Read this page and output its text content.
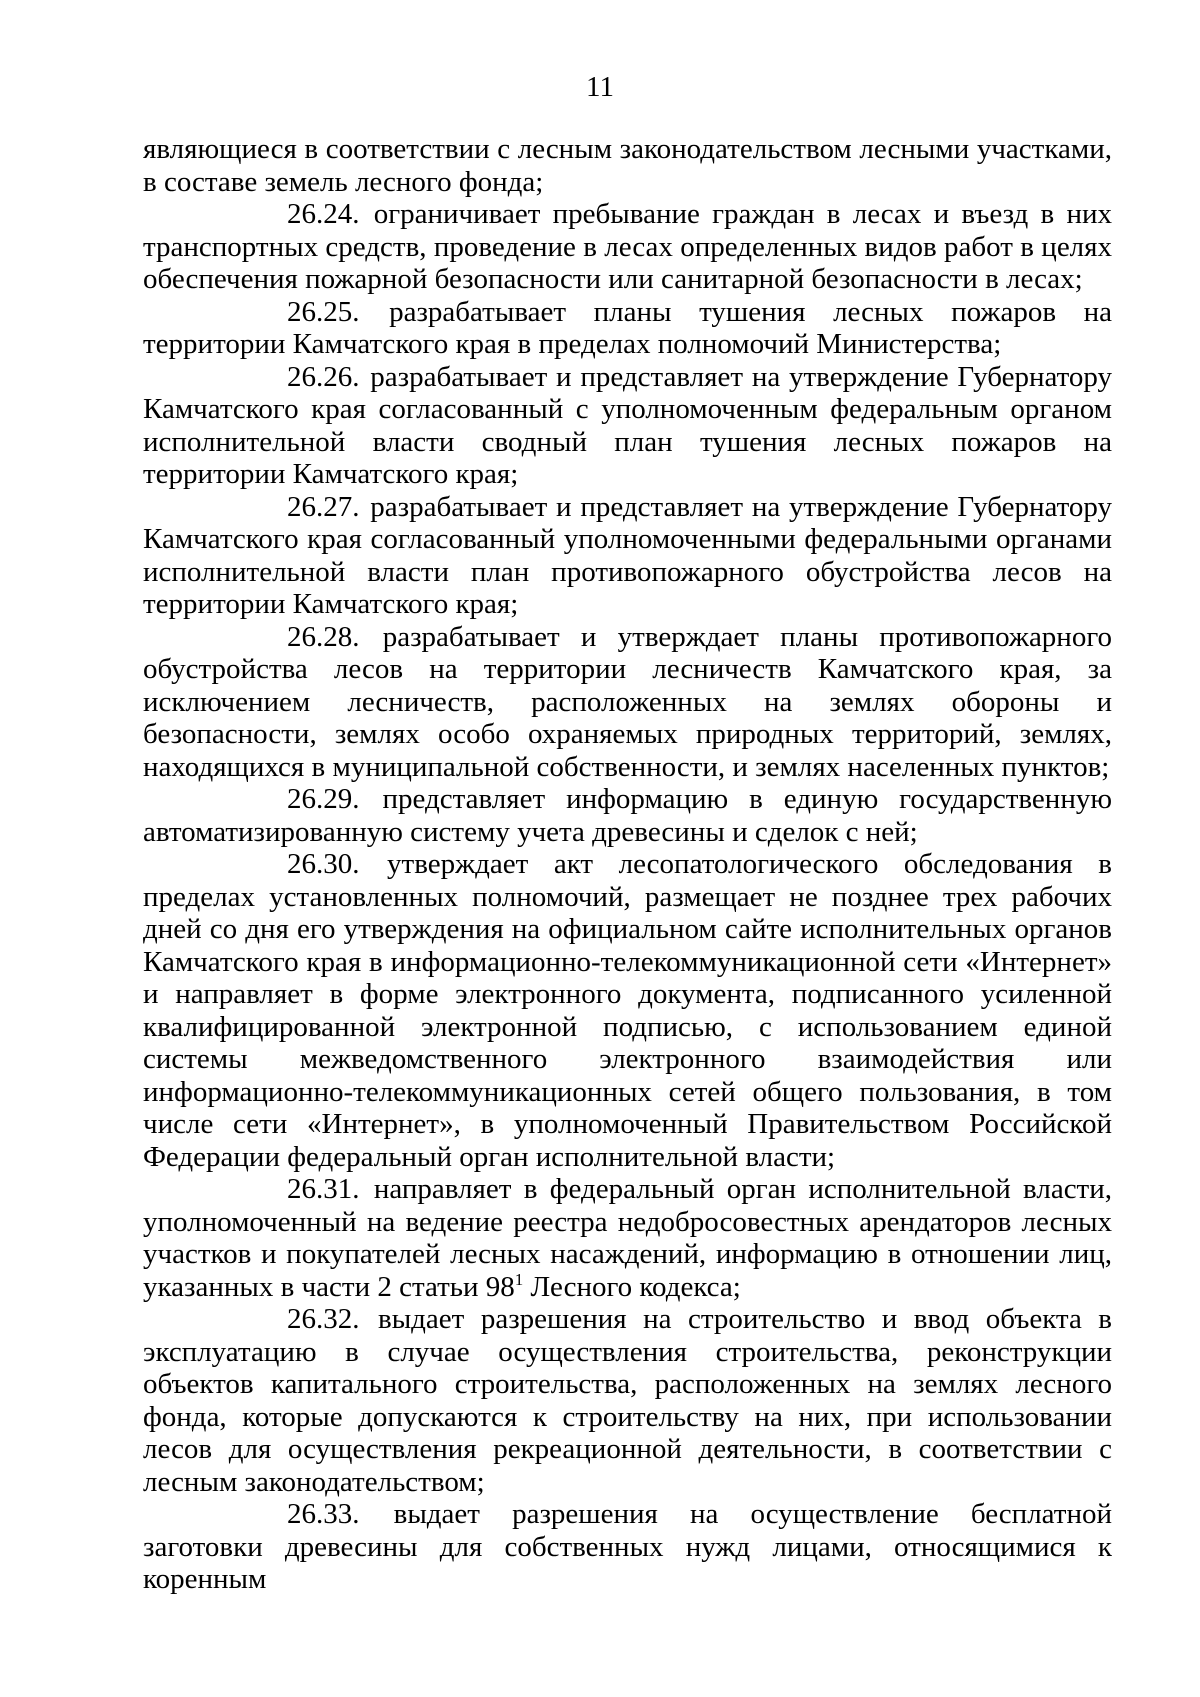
11

являющиеся в соответствии с лесным законодательством лесными участками, в составе земель лесного фонда;

26.24. ограничивает пребывание граждан в лесах и въезд в них транспортных средств, проведение в лесах определенных видов работ в целях обеспечения пожарной безопасности или санитарной безопасности в лесах;

26.25. разрабатывает планы тушения лесных пожаров на территории Камчатского края в пределах полномочий Министерства;

26.26. разрабатывает и представляет на утверждение Губернатору Камчатского края согласованный с уполномоченным федеральным органом исполнительной власти сводный план тушения лесных пожаров на территории Камчатского края;

26.27. разрабатывает и представляет на утверждение Губернатору Камчатского края согласованный уполномоченными федеральными органами исполнительной власти план противопожарного обустройства лесов на территории Камчатского края;

26.28. разрабатывает и утверждает планы противопожарного обустройства лесов на территории лесничеств Камчатского края, за исключением лесничеств, расположенных на землях обороны и безопасности, землях особо охраняемых природных территорий, землях, находящихся в муниципальной собственности, и землях населенных пунктов;

26.29. представляет информацию в единую государственную автоматизированную систему учета древесины и сделок с ней;

26.30. утверждает акт лесопатологического обследования в пределах установленных полномочий, размещает не позднее трех рабочих дней со дня его утверждения на официальном сайте исполнительных органов Камчатского края в информационно-телекоммуникационной сети «Интернет» и направляет в форме электронного документа, подписанного усиленной квалифицированной электронной подписью, с использованием единой системы межведомственного электронного взаимодействия или информационно-телекоммуникационных сетей общего пользования, в том числе сети «Интернет», в уполномоченный Правительством Российской Федерации федеральный орган исполнительной власти;

26.31. направляет в федеральный орган исполнительной власти, уполномоченный на ведение реестра недобросовестных арендаторов лесных участков и покупателей лесных насаждений, информацию в отношении лиц, указанных в части 2 статьи $98^1$ Лесного кодекса;

26.32. выдает разрешения на строительство и ввод объекта в эксплуатацию в случае осуществления строительства, реконструкции объектов капитального строительства, расположенных на землях лесного фонда, которые допускаются к строительству на них, при использовании лесов для осуществления рекреационной деятельности, в соответствии с лесным законодательством;

26.33. выдает разрешения на осуществление бесплатной заготовки древесины для собственных нужд лицами, относящимися к коренным
